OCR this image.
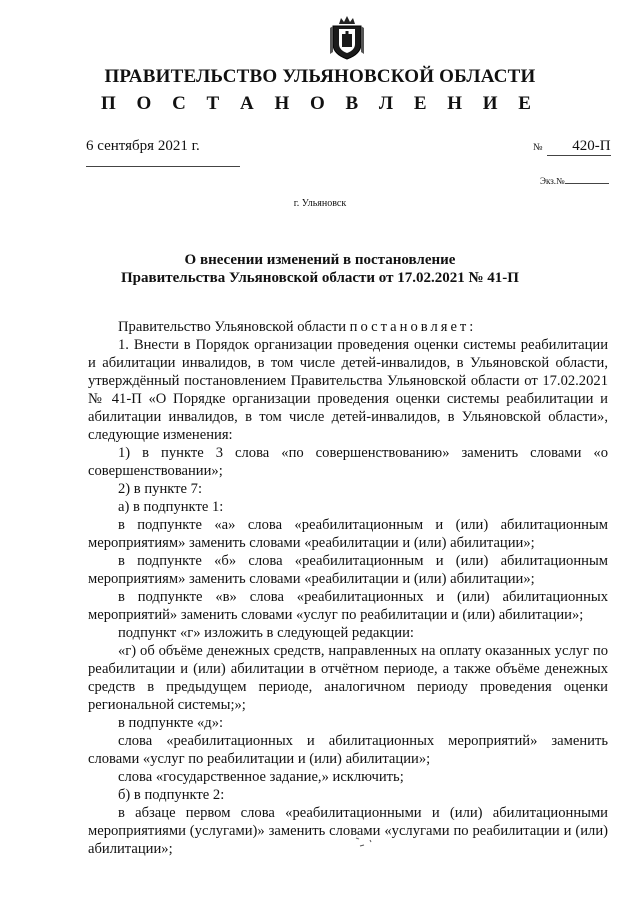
ПРАВИТЕЛЬСТВО УЛЬЯНОВСКОЙ ОБЛАСТИ
П О С Т А Н О В Л Е Н И Е
6 сентября 2021 г.	№ 420-П
Экз.№
г. Ульяновск
О внесении изменений в постановление
Правительства Ульяновской области от 17.02.2021 № 41-П

Правительство Ульяновской области постановляет:

1. Внести в Порядок организации проведения оценки системы реабилитации и абилитации инвалидов, в том числе детей-инвалидов, в Ульяновской области, утверждённый постановлением Правительства Ульяновской области от 17.02.2021 № 41-П «О Порядке организации проведения оценки системы реабилитации и абилитации инвалидов, в том числе детей-инвалидов, в Ульяновской области», следующие изменения:

1) в пункте 3 слова «по совершенствованию» заменить словами «о совершенствовании»;

2) в пункте 7:

а) в подпункте 1:

в подпункте «а» слова «реабилитационным и (или) абилитационным мероприятиям» заменить словами «реабилитации и (или) абилитации»;

в подпункте «б» слова «реабилитационным и (или) абилитационным мероприятиям» заменить словами «реабилитации и (или) абилитации»;

в подпункте «в» слова «реабилитационных и (или) абилитационных мероприятий» заменить словами «услуг по реабилитации и (или) абилитации»;

подпункт «г» изложить в следующей редакции:

«г) об объёме денежных средств, направленных на оплату оказанных услуг по реабилитации и (или) абилитации в отчётном периоде, а также объёме денежных средств в предыдущем периоде, аналогичном периоду проведения оценки региональной системы;»;

в подпункте «д»:

слова «реабилитационных и абилитационных мероприятий» заменить словами «услуг по реабилитации и (или) абилитации»;

слова «государственное задание,» исключить;

б) в подпункте 2:

в абзаце первом слова «реабилитационными и (или) абилитационными мероприятиями (услугами)» заменить словами «услугами по реабилитации и (или) абилитации»;
